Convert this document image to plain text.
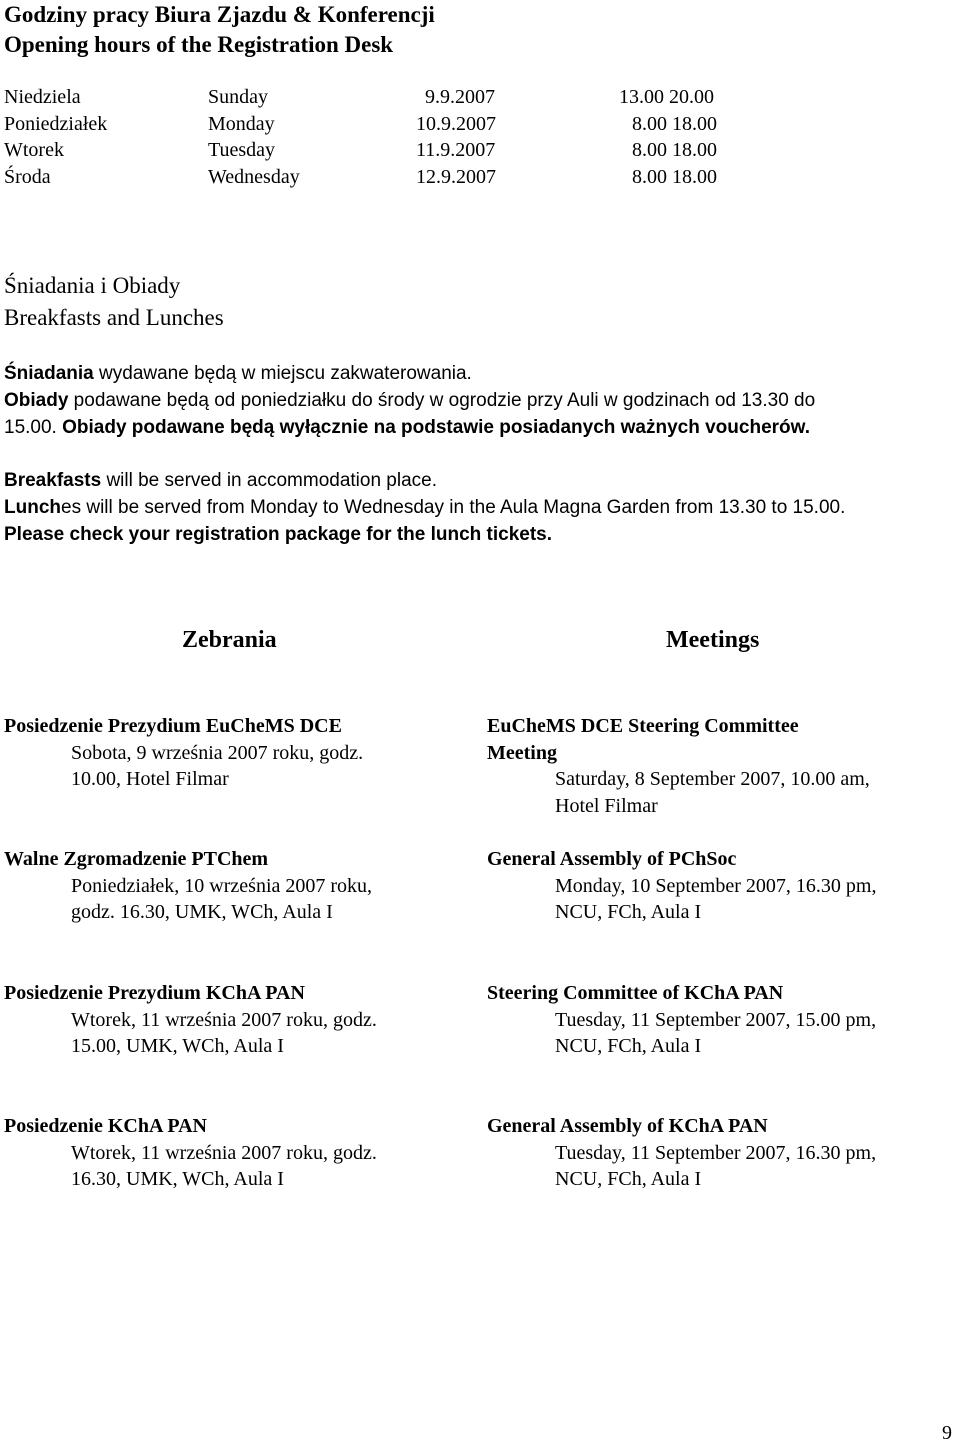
Godziny pracy Biura Zjazdu & Konferencji
Opening hours of the Registration Desk
Niedziela	Sunday	9.9.2007	13.00 20.00
Poniedziałek	Monday	10.9.2007	8.00 18.00
Wtorek	Tuesday	11.9.2007	8.00 18.00
Środa	Wednesday	12.9.2007	8.00 18.00
Śniadania i Obiady
Breakfasts and Lunches
Śniadania wydawane będą w miejscu zakwaterowania.
Obiady podawane będą od poniedziałku do środy w ogrodzie przy Auli w godzinach od 13.30 do
15.00. Obiady podawane będą wyłącznie na podstawie posiadanych ważnych voucherów.
Breakfasts will be served in accommodation place.
Lunches will be served from Monday to Wednesday in the Aula Magna Garden from 13.30 to 15.00.
Please check your registration package for the lunch tickets.
Zebrania	Meetings
Posiedzenie Prezydium EuCheMS DCE
Sobota, 9 września 2007 roku, godz.
10.00, Hotel Filmar
EuCheMS DCE Steering Committee
Meeting
Saturday, 8 September 2007, 10.00 am,
Hotel Filmar
Walne Zgromadzenie PTChem
Poniedziałek, 10 września 2007 roku,
godz. 16.30, UMK, WCh, Aula I
General Assembly of PChSoc
Monday, 10 September 2007, 16.30 pm,
NCU, FCh, Aula I
Posiedzenie Prezydium KChA PAN
Wtorek, 11 września 2007 roku, godz.
15.00, UMK, WCh, Aula I
Steering Committee of KChA PAN
Tuesday, 11 September 2007, 15.00 pm,
NCU, FCh, Aula I
Posiedzenie KChA PAN
Wtorek, 11 września 2007 roku, godz.
16.30, UMK, WCh, Aula I
General Assembly of KChA PAN
Tuesday, 11 September 2007, 16.30 pm,
NCU, FCh, Aula I
9
